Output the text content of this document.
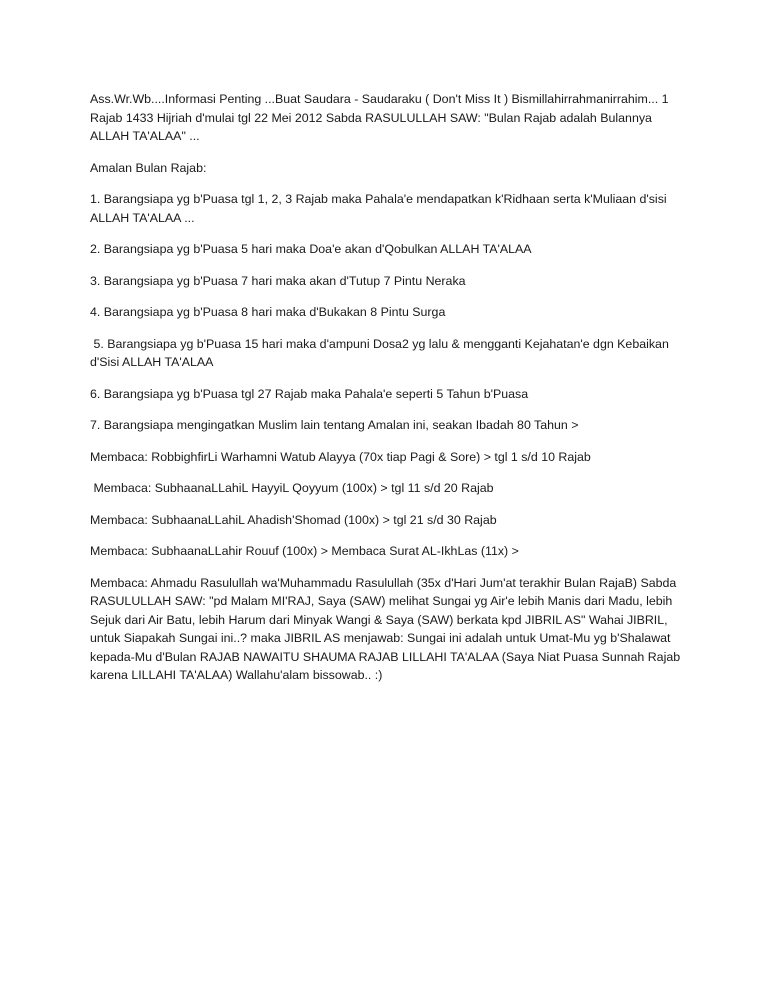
Ass.Wr.Wb....Informasi Penting ...Buat Saudara - Saudaraku ( Don't Miss It ) Bismillahirrahmanirrahim... 1 Rajab 1433 Hijriah d'mulai tgl 22 Mei 2012 Sabda RASULULLAH SAW: "Bulan Rajab adalah Bulannya ALLAH TA'ALAA" ...

Amalan Bulan Rajab:

1. Barangsiapa yg b'Puasa tgl 1, 2, 3 Rajab maka Pahala'e mendapatkan k'Ridhaan serta k'Muliaan d'sisi ALLAH TA'ALAA ...

2. Barangsiapa yg b'Puasa 5 hari maka Doa'e akan d'Qobulkan ALLAH TA'ALAA

3. Barangsiapa yg b'Puasa 7 hari maka akan d'Tutup 7 Pintu Neraka

4. Barangsiapa yg b'Puasa 8 hari maka d'Bukakan 8 Pintu Surga

5. Barangsiapa yg b'Puasa 15 hari maka d'ampuni Dosa2 yg lalu & mengganti Kejahatan'e dgn Kebaikan d'Sisi ALLAH TA'ALAA

6. Barangsiapa yg b'Puasa tgl 27 Rajab maka Pahala'e seperti 5 Tahun b'Puasa

7. Barangsiapa mengingatkan Muslim lain tentang Amalan ini, seakan Ibadah 80 Tahun >

Membaca: RobbighfirLi Warhamni Watub Alayya (70x tiap Pagi & Sore) > tgl 1 s/d 10 Rajab

Membaca: SubhaanaLLahiL HayyiL Qoyyum (100x) > tgl 11 s/d 20 Rajab

Membaca: SubhaanaLLahiL Ahadish'Shomad (100x) > tgl 21 s/d 30 Rajab

Membaca: SubhaanaLLahir Rouuf (100x) > Membaca Surat AL-IkhLas (11x) >

Membaca: Ahmadu Rasulullah wa'Muhammadu Rasulullah (35x d'Hari Jum'at terakhir Bulan RajaB) Sabda RASULULLAH SAW: "pd Malam MI'RAJ, Saya (SAW) melihat Sungai yg Air'e lebih Manis dari Madu, lebih Sejuk dari Air Batu, lebih Harum dari Minyak Wangi & Saya (SAW) berkata kpd JIBRIL AS" Wahai JIBRIL, untuk Siapakah Sungai ini..? maka JIBRIL AS menjawab: Sungai ini adalah untuk Umat-Mu yg b'Shalawat kepada-Mu d'Bulan RAJAB NAWAITU SHAUMA RAJAB LILLAHI TA'ALAA (Saya Niat Puasa Sunnah Rajab karena LILLAHI TA'ALAA) Wallahu'alam bissowab.. :)
